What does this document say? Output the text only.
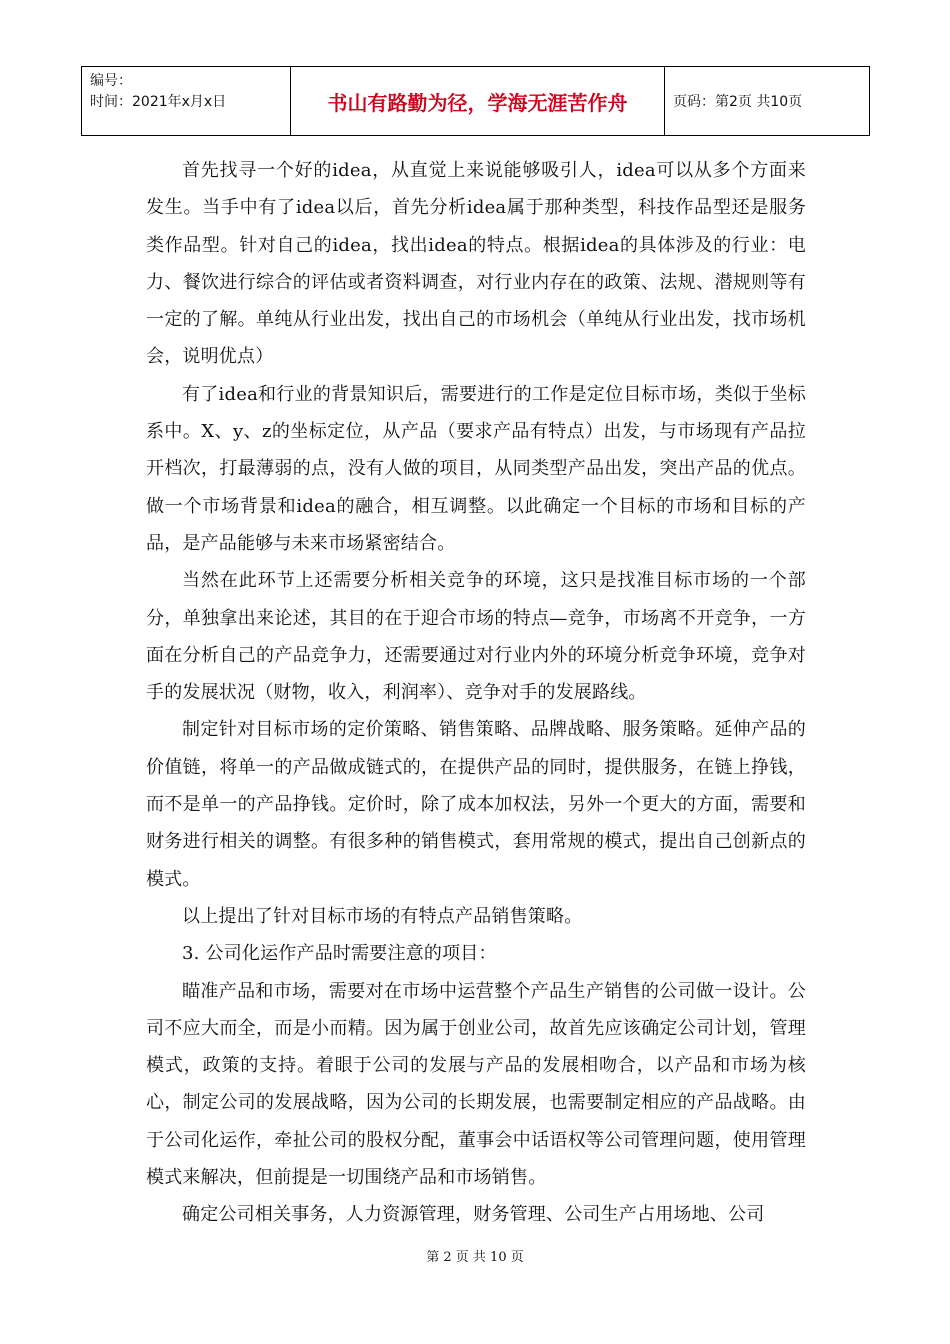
编号：
时间：2021年x月x日	书山有路勤为径，学海无涯苦作舟	页码：第2页 共10页

首先找寻一个好的idea，从直觉上来说能够吸引人，idea可以从多个方面来发生。当手中有了idea以后，首先分析idea属于那种类型，科技作品型还是服务类作品型。针对自己的idea，找出idea的特点。根据idea的具体涉及的行业：电力、餐饮进行综合的评估或者资料调查，对行业内存在的政策、法规、潜规则等有一定的了解。单纯从行业出发，找出自己的市场机会（单纯从行业出发，找市场机会，说明优点）

有了idea和行业的背景知识后，需要进行的工作是定位目标市场，类似于坐标系中。X、y、z的坐标定位，从产品（要求产品有特点）出发，与市场现有产品拉开档次，打最薄弱的点，没有人做的项目，从同类型产品出发，突出产品的优点。做一个市场背景和idea的融合，相互调整。以此确定一个目标的市场和目标的产品，是产品能够与未来市场紧密结合。

当然在此环节上还需要分析相关竞争的环境，这只是找准目标市场的一个部分，单独拿出来论述，其目的在于迎合市场的特点—竞争，市场离不开竞争，一方面在分析自己的产品竞争力，还需要通过对行业内外的环境分析竞争环境，竞争对手的发展状况（财物，收入，利润率）、竞争对手的发展路线。

制定针对目标市场的定价策略、销售策略、品牌战略、服务策略。延伸产品的价值链，将单一的产品做成链式的，在提供产品的同时，提供服务，在链上挣钱，而不是单一的产品挣钱。定价时，除了成本加权法，另外一个更大的方面，需要和财务进行相关的调整。有很多种的销售模式，套用常规的模式，提出自己创新点的模式。

以上提出了针对目标市场的有特点产品销售策略。

3. 公司化运作产品时需要注意的项目：

瞄准产品和市场，需要对在市场中运营整个产品生产销售的公司做一设计。公司不应大而全，而是小而精。因为属于创业公司，故首先应该确定公司计划，管理模式，政策的支持。着眼于公司的发展与产品的发展相吻合，以产品和市场为核心，制定公司的发展战略，因为公司的长期发展，也需要制定相应的产品战略。由于公司化运作，牵扯公司的股权分配，董事会中话语权等公司管理问题，使用管理模式来解决，但前提是一切围绕产品和市场销售。

确定公司相关事务，人力资源管理，财务管理、公司生产占用场地、公司

第 2 页 共 10 页
